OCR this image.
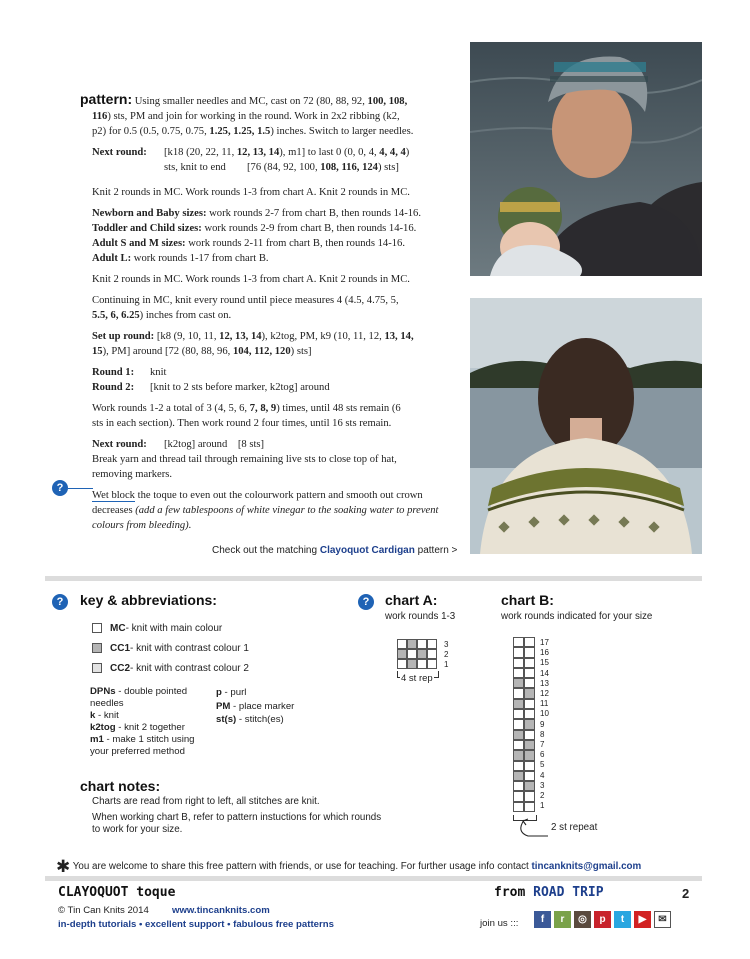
pattern: Using smaller needles and MC, cast on 72 (80, 88, 92, 100, 108,

116) sts, PM and join for working in the round. Work in 2x2 ribbing (k2,

p2) for 0.5 (0.5, 0.75, 0.75, 1.25, 1.25, 1.5) inches. Switch to larger needles.

Next round:	[k18 (20, 22, 11, 12, 13, 14), m1] to last 0 (0, 0, 4, 4, 4, 4)
sts, knit to end [76 (84, 92, 100, 108, 116, 124) sts]

Knit 2 rounds in MC. Work rounds 1-3 from chart A. Knit 2 rounds in MC.

Newborn and Baby sizes: work rounds 2-7 from chart B, then rounds 14-16.

Toddler and Child sizes: work rounds 2-9 from chart B, then rounds 14-16.

Adult S and M sizes: work rounds 2-11 from chart B, then rounds 14-16.

Adult L: work rounds 1-17 from chart B.

Knit 2 rounds in MC. Work rounds 1-3 from chart A. Knit 2 rounds in MC.

Continuing in MC, knit every round until piece measures 4 (4.5, 4.75, 5,

5.5, 6, 6.25) inches from cast on.

Set up round: [k8 (9, 10, 11, 12, 13, 14), k2tog, PM, k9 (10, 11, 12, 13, 14,

15), PM] around [72 (80, 88, 96, 104, 112, 120) sts]

Round 1:	knit
Round 2:	[knit to 2 sts before marker, k2tog] around

Work rounds 1-2 a total of 3 (4, 5, 6, 7, 8, 9) times, until 48 sts remain (6

sts in each section). Then work round 2 four times, until 16 sts remain.

Next round:	[k2tog] around
[8 sts]

Break yarn and thread tail through remaining live sts to close top of hat, removing markers.

Wet block the toque to even out the colourwork pattern and smooth out crown decreases (add a few tablespoons of white vinegar to the soaking water to prevent colours from bleeding).

?
Check out the matching Clayoquot Cardigan pattern >
?	key & abbreviations:
MC - knit with main colour
CC1 - knit with contrast colour 1
CC2 - knit with contrast colour 2
DPNs - double pointed needles
k - knit
k2tog - knit 2 together
m1 - make 1 stitch using your preferred method
p - purl
PM - place marker
st(s) - stitch(es)
chart notes:
Charts are read from right to left, all stitches are knit.
When working chart B, refer to pattern instuctions for which rounds to work for your size.
?	chart A:
work rounds 1-3
3
2
1
4 st rep
chart B:
work rounds indicated for your size
17
16
15
14
13
12
11
10
9
8
7
6
5
4
3
2
1
2 st repeat
✱ You are welcome to share this free pattern with friends, or use for teaching. For further usage info contact tincanknits@gmail.com
CLAYOQUOT toque
© Tin Can Knits 2014 www.tincanknits.com
in-depth tutorials • excellent support • fabulous free patterns
from ROAD TRIP	2
join us :::	f	r	◎	p	t	▶	✉
